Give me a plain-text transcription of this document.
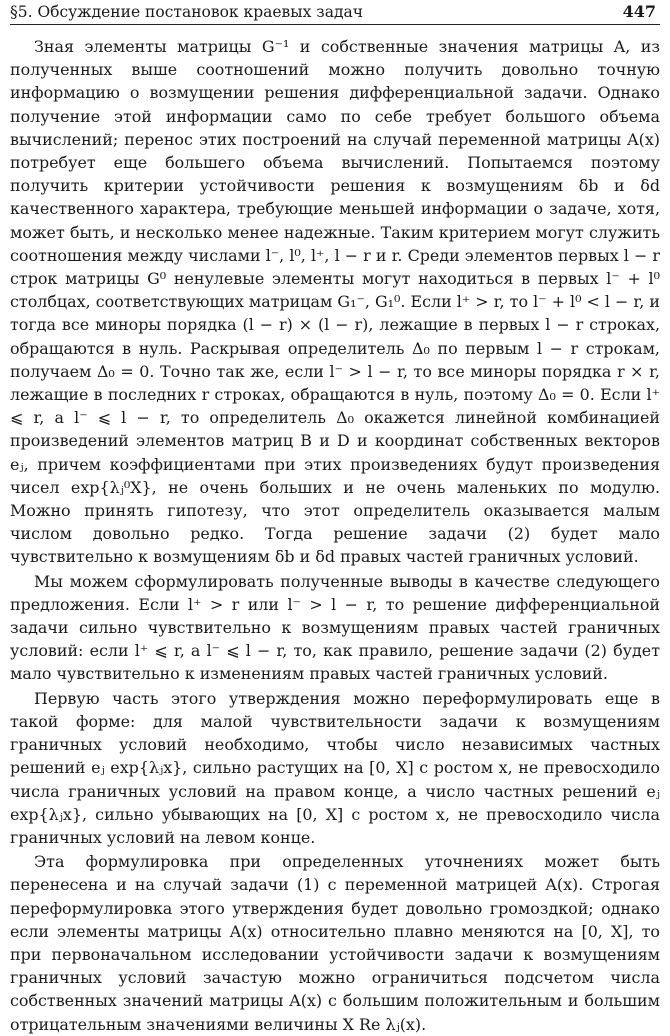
§5. Обсуждение постановок краевых задач	447

Зная элементы матрицы G⁻¹ и собственные значения матрицы A, из полученных выше соотношений можно получить довольно точную информацию о возмущении решения дифференциальной задачи. Однако получение этой информации само по себе требует большого объема вычислений; перенос этих построений на случай переменной матрицы A(x) потребует еще большего объема вычислений. Попытаемся поэтому получить критерии устойчивости решения к возмущениям δb и δd качественного характера, требующие меньшей информации о задаче, хотя, может быть, и несколько менее надежные. Таким критерием могут служить соотношения между числами l⁻, l⁰, l⁺, l − r и r. Среди элементов первых l − r строк матрицы G⁰ ненулевые элементы могут находиться в первых l⁻ + l⁰ столбцах, соответствующих матрицам G₁⁻, G₁⁰. Если l⁺ > r, то l⁻ + l⁰ < l − r, и тогда все миноры порядка (l − r) × (l − r), лежащие в первых l − r строках, обращаются в нуль. Раскрывая определитель Δ₀ по первым l − r строкам, получаем Δ₀ = 0. Точно так же, если l⁻ > l − r, то все миноры порядка r × r, лежащие в последних r строках, обращаются в нуль, поэтому Δ₀ = 0. Если l⁺ ⩽ r, а l⁻ ⩽ l − r, то определитель Δ₀ окажется линейной комбинацией произведений элементов матриц B и D и координат собственных векторов eⱼ, причем коэффициентами при этих произведениях будут произведения чисел exp{λⱼ⁰X}, не очень больших и не очень маленьких по модулю. Можно принять гипотезу, что этот определитель оказывается малым числом довольно редко. Тогда решение задачи (2) будет мало чувствительно к возмущениям δb и δd правых частей граничных условий.

Мы можем сформулировать полученные выводы в качестве следующего предложения. Если l⁺ > r или l⁻ > l − r, то решение дифференциальной задачи сильно чувствительно к возмущениям правых частей граничных условий: если l⁺ ⩽ r, а l⁻ ⩽ l − r, то, как правило, решение задачи (2) будет мало чувствительно к изменениям правых частей граничных условий.

Первую часть этого утверждения можно переформулировать еще в такой форме: для малой чувствительности задачи к возмущениям граничных условий необходимо, чтобы число независимых частных решений eⱼ exp{λⱼx}, сильно растущих на [0, X] с ростом x, не превосходило числа граничных условий на правом конце, а число частных решений eⱼ exp{λⱼx}, сильно убывающих на [0, X] с ростом x, не превосходило числа граничных условий на левом конце.

Эта формулировка при определенных уточнениях может быть перенесена и на случай задачи (1) с переменной матрицей A(x). Строгая переформулировка этого утверждения будет довольно громоздкой; однако если элементы матрицы A(x) относительно плавно меняются на [0, X], то при первоначальном исследовании устойчивости задачи к возмущениям граничных условий зачастую можно ограничиться подсчетом числа собственных значений матрицы A(x) с большим положительным и большим отрицательным значениями величины X Re λⱼ(x).
